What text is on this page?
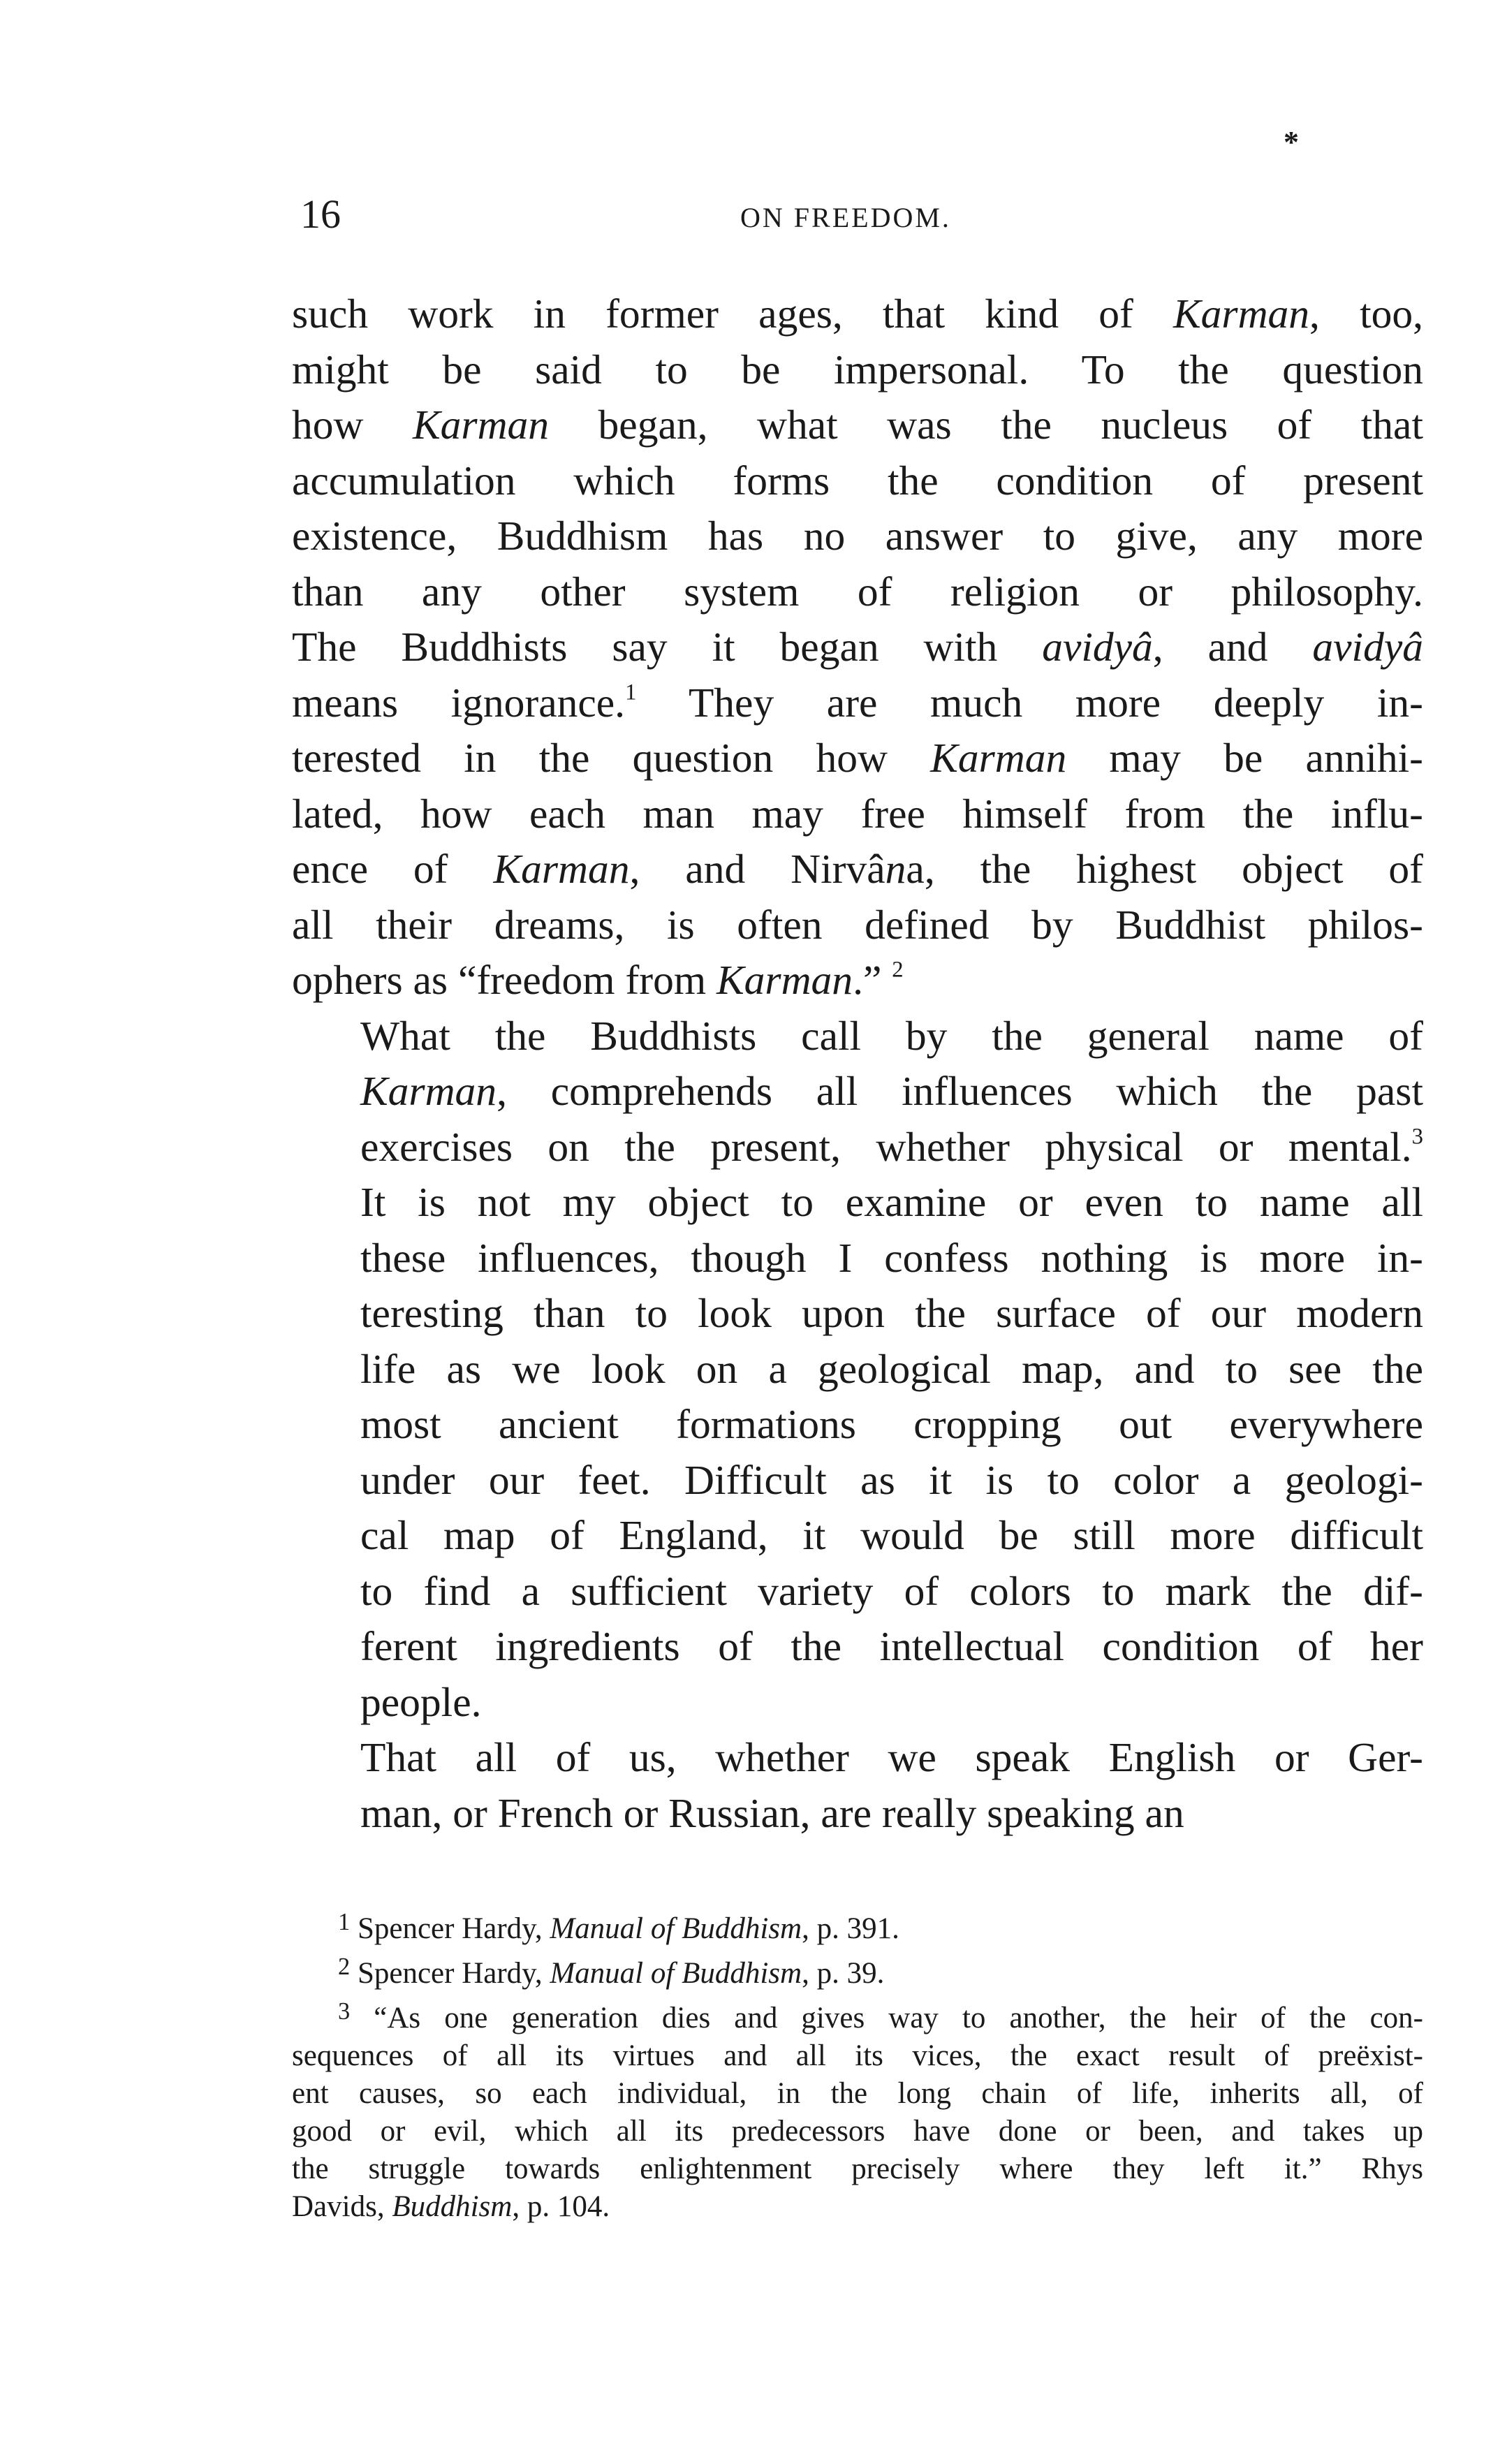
*
16	ON FREEDOM.

such work in former ages, that kind of Karman, too,
might be said to be impersonal. To the question
how Karman began, what was the nucleus of that
accumulation which forms the condition of present
existence, Buddhism has no answer to give, any more
than any other system of religion or philosophy.
The Buddhists say it began with avidyâ, and avidyâ
means ignorance.$^1$ They are much more deeply in-
terested in the question how Karman may be annihi-
lated, how each man may free himself from the influ-
ence of Karman, and Nirvâna, the highest object of
all their dreams, is often defined by Buddhist philos-
ophers as “freedom from Karman.” $^2$

What the Buddhists call by the general name of
Karman, comprehends all influences which the past
exercises on the present, whether physical or mental.$^3$
It is not my object to examine or even to name all
these influences, though I confess nothing is more in-
teresting than to look upon the surface of our modern
life as we look on a geological map, and to see the
most ancient formations cropping out everywhere
under our feet. Difficult as it is to color a geologi-
cal map of England, it would be still more difficult
to find a sufficient variety of colors to mark the dif-
ferent ingredients of the intellectual condition of her
people.

That all of us, whether we speak English or Ger-
man, or French or Russian, are really speaking an

$^1$ Spencer Hardy, Manual of Buddhism, p. 391.
$^2$ Spencer Hardy, Manual of Buddhism, p. 39.
$^3$ “As one generation dies and gives way to another, the heir of the con-
sequences of all its virtues and all its vices, the exact result of preëxist-
ent causes, so each individual, in the long chain of life, inherits all, of
good or evil, which all its predecessors have done or been, and takes up
the struggle towards enlightenment precisely where they left it.” Rhys
Davids, Buddhism, p. 104.
